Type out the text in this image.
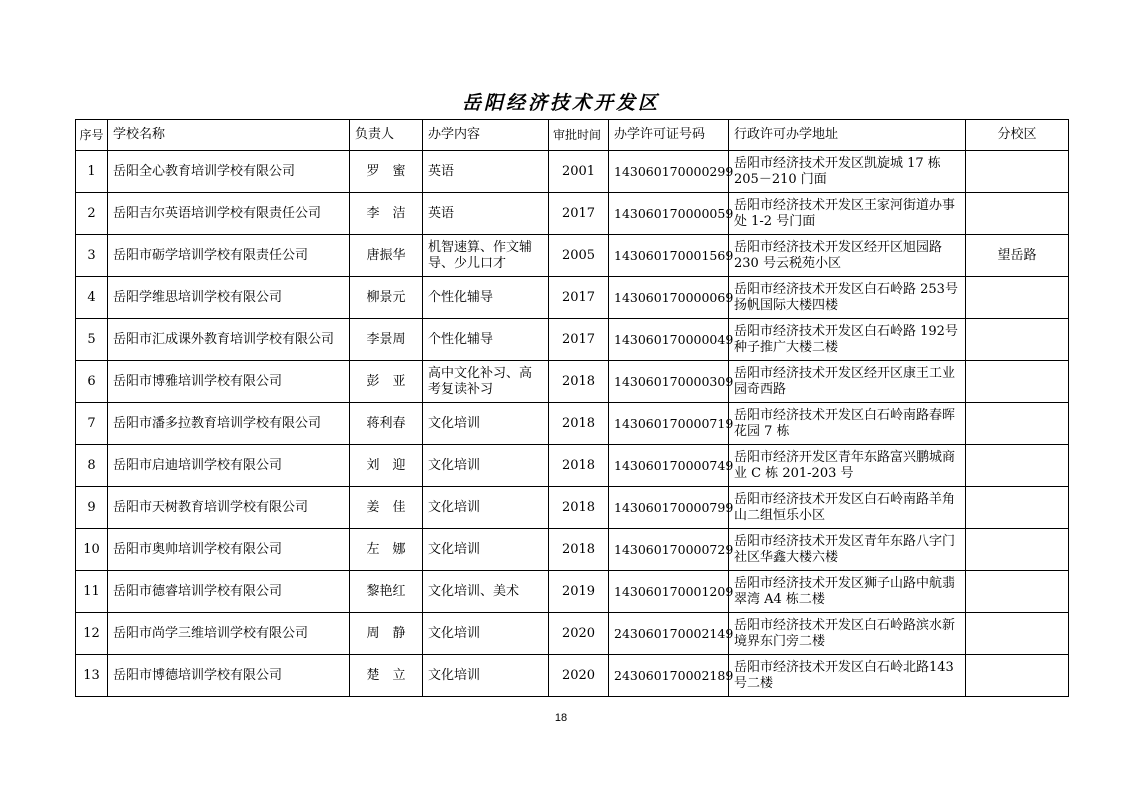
岳阳经济技术开发区
序号	学校名称	负责人	办学内容	审批时间	办学许可证号码	行政许可办学地址	分校区
1	岳阳全心教育培训学校有限公司	罗　蜜	英语	2001	143060170000299	岳阳市经济技术开发区凯旋城 17 栋205－210 门面	
2	岳阳吉尔英语培训学校有限责任公司	李　洁	英语	2017	143060170000059	岳阳市经济技术开发区王家河街道办事处 1-2 号门面	
3	岳阳市砺学培训学校有限责任公司	唐振华	机智速算、作文辅导、少儿口才	2005	143060170001569	岳阳市经济技术开发区经开区旭园路 230 号云税苑小区	望岳路
4	岳阳学维思培训学校有限公司	柳景元	个性化辅导	2017	143060170000069	岳阳市经济技术开发区白石岭路 253号扬帆国际大楼四楼	
5	岳阳市汇成课外教育培训学校有限公司	李景周	个性化辅导	2017	143060170000049	岳阳市经济技术开发区白石岭路 192号种子推广大楼二楼	
6	岳阳市博雅培训学校有限公司	彭　亚	高中文化补习、高考复读补习	2018	143060170000309	岳阳市经济技术开发区经开区康王工业园奇西路	
7	岳阳市潘多拉教育培训学校有限公司	蒋利春	文化培训	2018	143060170000719	岳阳市经济技术开发区白石岭南路春晖花园 7 栋	
8	岳阳市启迪培训学校有限公司	刘　迎	文化培训	2018	143060170000749	岳阳市经济开发区青年东路富兴鹏城商业 C 栋 201-203 号	
9	岳阳市天树教育培训学校有限公司	姜　佳	文化培训	2018	143060170000799	岳阳市经济技术开发区白石岭南路羊角山二组恒乐小区	
10	岳阳市奥帅培训学校有限公司	左　娜	文化培训	2018	143060170000729	岳阳市经济技术开发区青年东路八字门社区华鑫大楼六楼	
11	岳阳市德睿培训学校有限公司	黎艳红	文化培训、美术	2019	143060170001209	岳阳市经济技术开发区狮子山路中航翡翠湾 A4 栋二楼	
12	岳阳市尚学三维培训学校有限公司	周　静	文化培训	2020	243060170002149	岳阳市经济技术开发区白石岭路滨水新境界东门旁二楼	
13	岳阳市博德培训学校有限公司	楚　立	文化培训	2020	243060170002189	岳阳市经济技术开发区白石岭北路143 号二楼	
18
